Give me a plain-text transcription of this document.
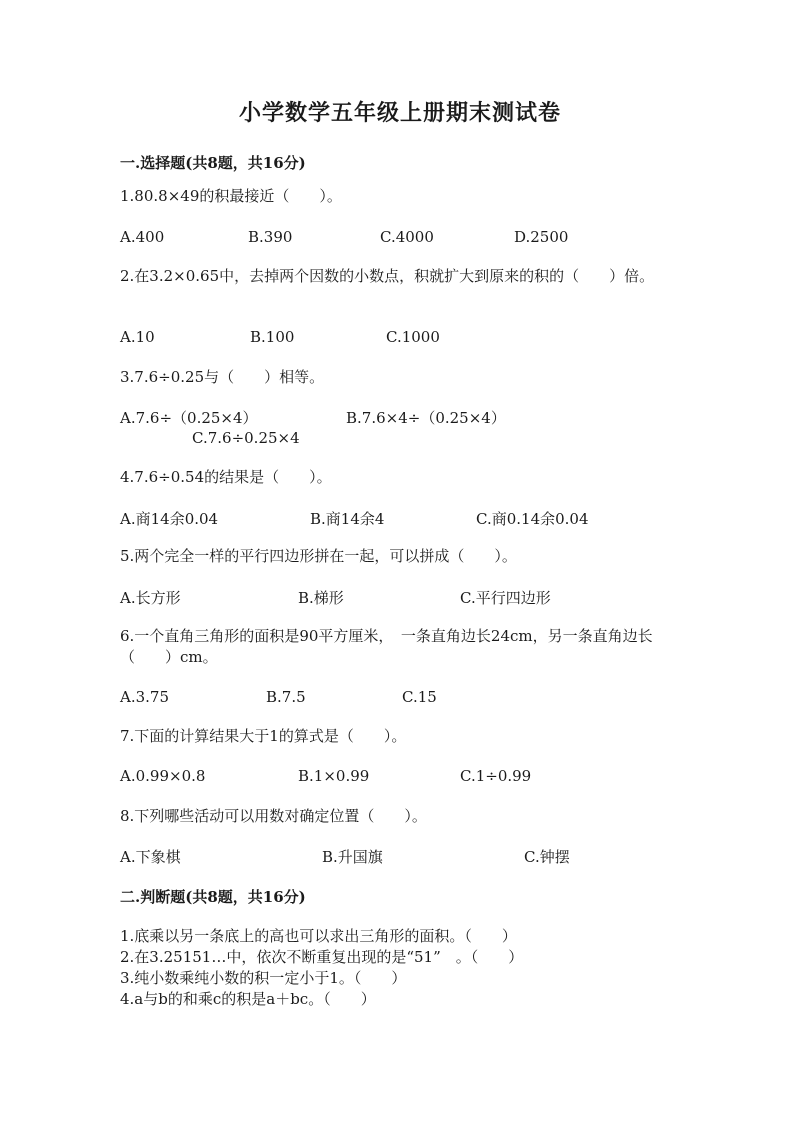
小学数学五年级上册期末测试卷
一.选择题(共8题，共16分)
1.80.8×49的积最接近（　　）。
A.400	B.390	C.4000	D.2500
2.在3.2×0.65中，去掉两个因数的小数点，积就扩大到原来的积的（　　）倍。
A.10	B.100	C.1000
3.7.6÷0.25与（　　）相等。
A.7.6÷（0.25×4）	B.7.6×4÷（0.25×4）
C.7.6÷0.25×4
4.7.6÷0.54的结果是（　　）。
A.商14余0.04	B.商14余4	C.商0.14余0.04
5.两个完全一样的平行四边形拼在一起，可以拼成（　　）。
A.长方形	B.梯形	C.平行四边形
6.一个直角三角形的面积是90平方厘米，　一条直角边长24cm，另一条直角边长（　　）cm。
A.3.75	B.7.5	C.15
7.下面的计算结果大于1的算式是（　　）。
A.0.99×0.8	B.1×0.99	C.1÷0.99
8.下列哪些活动可以用数对确定位置（　　）。
A.下象棋	B.升国旗	C.钟摆
二.判断题(共8题，共16分)
1.底乘以另一条底上的高也可以求出三角形的面积。（　　）
2.在3.25151…中，依次不断重复出现的是“51”　。（　　）
3.纯小数乘纯小数的积一定小于1。（　　）
4.a与b的和乘c的积是a＋bc。（　　）
